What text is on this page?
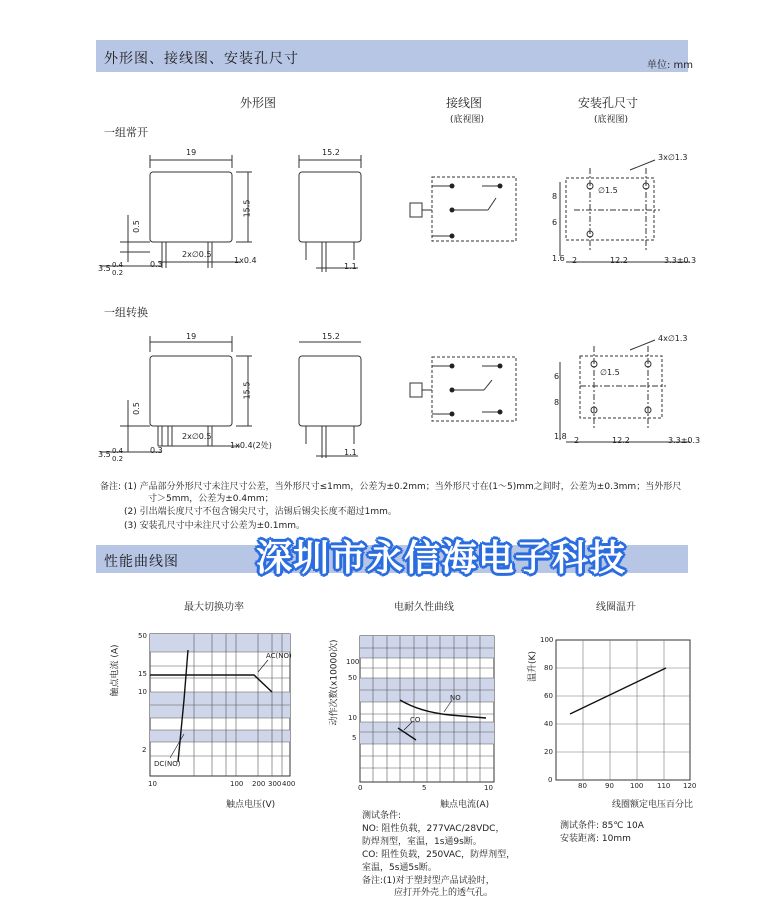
外形图、接线图、安装孔尺寸	单位: mm
外形图	接线图
(底视图)
安装孔尺寸
(底视图)
一组常开
19
15.5
0.5
2x∅0.5
0.3	1x0.4
3.5 0.4
0.2
15.2
1.1
3x∅1.3
∅1.5
8
6
1.6 2	12.2	3.3±0.3
一组转换
19
15.5
0.5
2x∅0.5
0.3
1x0.4(2处)
3.5 0.4
0.2
15.2
1.1
4x∅1.3
∅1.5
6
8
1.8 2	12.2	3.3±0.3
备注: (1) 产品部分外形尺寸未注尺寸公差，当外形尺寸≤1mm，公差为±0.2mm；当外形尺寸在(1～5)mm之间时，公差为±0.3mm；当外形尺
寸＞5mm，公差为±0.4mm；
(2) 引出端长度尺寸不包含锡尖尺寸，沾锡后锡尖长度不超过1mm。
(3) 安装孔尺寸中未注尺寸公差为±0.1mm。
性能曲线图 深圳市永信海电子科技
最大切换功率	电耐久性曲线	线圈温升
触点电流 (A)
50
15
10
2
10	100 200 300 400
AC(NO)
DC(NO)
触点电压(V)
动作次数(x10000次) 100
50
10
5
0	5	10
NO
CO
触点电流(A)
测试条件:
NO: 阻性负载，277VAC/28VDC，
防焊剂型，室温，1s通9s断。
CO: 阻性负载，250VAC，防焊剂型，
室温，5s通5s断。
备注:(1)对于塑封型产品试验时，
应打开外壳上的透气孔。
温升(K)
100
80
60
40
20
0
80	90 100 110 120
线圈额定电压百分比
测试条件: 85℃ 10A
安装距离: 10mm
